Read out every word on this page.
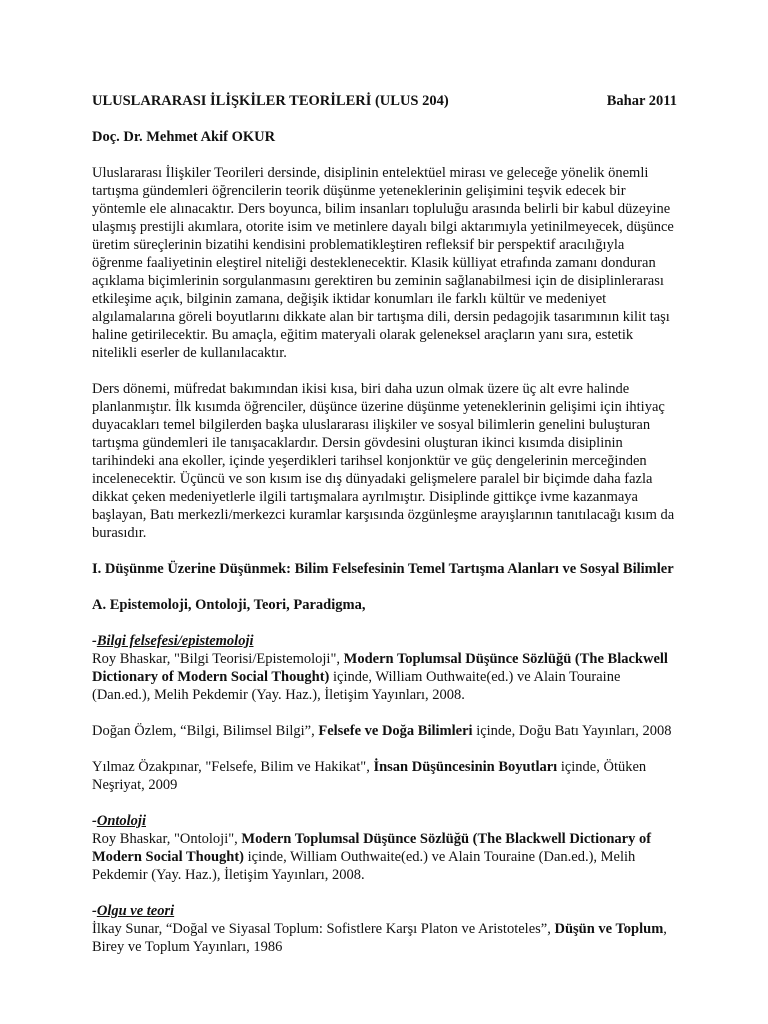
ULUSLARARASI İLİŞKİLER TEORİLERİ (ULUS 204)	Bahar 2011
Doç. Dr. Mehmet Akif OKUR

Uluslararası İlişkiler Teorileri dersinde, disiplinin entelektüel mirası ve geleceğe yönelik önemli tartışma gündemleri öğrencilerin teorik düşünme yeteneklerinin gelişimini teşvik edecek bir yöntemle ele alınacaktır. Ders boyunca, bilim insanları topluluğu arasında belirli bir kabul düzeyine ulaşmış prestijli akımlara, otorite isim ve metinlere dayalı bilgi aktarımıyla yetinilmeyecek, düşünce üretim süreçlerinin bizatihi kendisini problematikleştiren refleksif bir perspektif aracılığıyla öğrenme faaliyetinin eleştirel niteliği desteklenecektir. Klasik külliyat etrafında zamanı donduran açıklama biçimlerinin sorgulanmasını gerektiren bu zeminin sağlanabilmesi için de disiplinlerarası etkileşime açık, bilginin zamana, değişik iktidar konumları ile farklı kültür ve medeniyet algılamalarına göreli boyutlarını dikkate alan bir tartışma dili, dersin pedagojik tasarımının kilit taşı haline getirilecektir. Bu amaçla, eğitim materyali olarak geleneksel araçların yanı sıra, estetik nitelikli eserler de kullanılacaktır.

Ders dönemi, müfredat bakımından ikisi kısa, biri daha uzun olmak üzere üç alt evre halinde planlanmıştır. İlk kısımda öğrenciler, düşünce üzerine düşünme yeteneklerinin gelişimi için ihtiyaç duyacakları temel bilgilerden başka uluslararası ilişkiler ve sosyal bilimlerin genelini buluşturan tartışma gündemleri ile tanışacaklardır. Dersin gövdesini oluşturan ikinci kısımda disiplinin tarihindeki ana ekoller, içinde yeşerdikleri tarihsel konjonktür ve güç dengelerinin merceğinden incelenecektir. Üçüncü ve son kısım ise dış dünyadaki gelişmelere paralel bir biçimde daha fazla dikkat çeken medeniyetlerle ilgili tartışmalara ayrılmıştır. Disiplinde gittikçe ivme kazanmaya başlayan, Batı merkezli/merkezci kuramlar karşısında özgünleşme arayışlarının tanıtılacağı kısım da burasıdır.

I. Düşünme Üzerine Düşünmek: Bilim Felsefesinin Temel Tartışma Alanları ve Sosyal Bilimler
A. Epistemoloji, Ontoloji, Teori, Paradigma,
-Bilgi felsefesi/epistemoloji

Roy Bhaskar, "Bilgi Teorisi/Epistemoloji", Modern Toplumsal Düşünce Sözlüğü (The Blackwell Dictionary of Modern Social Thought) içinde, William Outhwaite(ed.) ve Alain Touraine (Dan.ed.), Melih Pekdemir (Yay. Haz.), İletişim Yayınları, 2008.

Doğan Özlem, “Bilgi, Bilimsel Bilgi”, Felsefe ve Doğa Bilimleri içinde, Doğu Batı Yayınları, 2008

Yılmaz Özakpınar, "Felsefe, Bilim ve Hakikat", İnsan Düşüncesinin Boyutları içinde, Ötüken Neşriyat, 2009

-Ontoloji

Roy Bhaskar, "Ontoloji", Modern Toplumsal Düşünce Sözlüğü (The Blackwell Dictionary of Modern Social Thought) içinde, William Outhwaite(ed.) ve Alain Touraine (Dan.ed.), Melih Pekdemir (Yay. Haz.), İletişim Yayınları, 2008.

-Olgu ve teori

İlkay Sunar, “Doğal ve Siyasal Toplum: Sofistlere Karşı Platon ve Aristoteles”, Düşün ve Toplum, Birey ve Toplum Yayınları, 1986
